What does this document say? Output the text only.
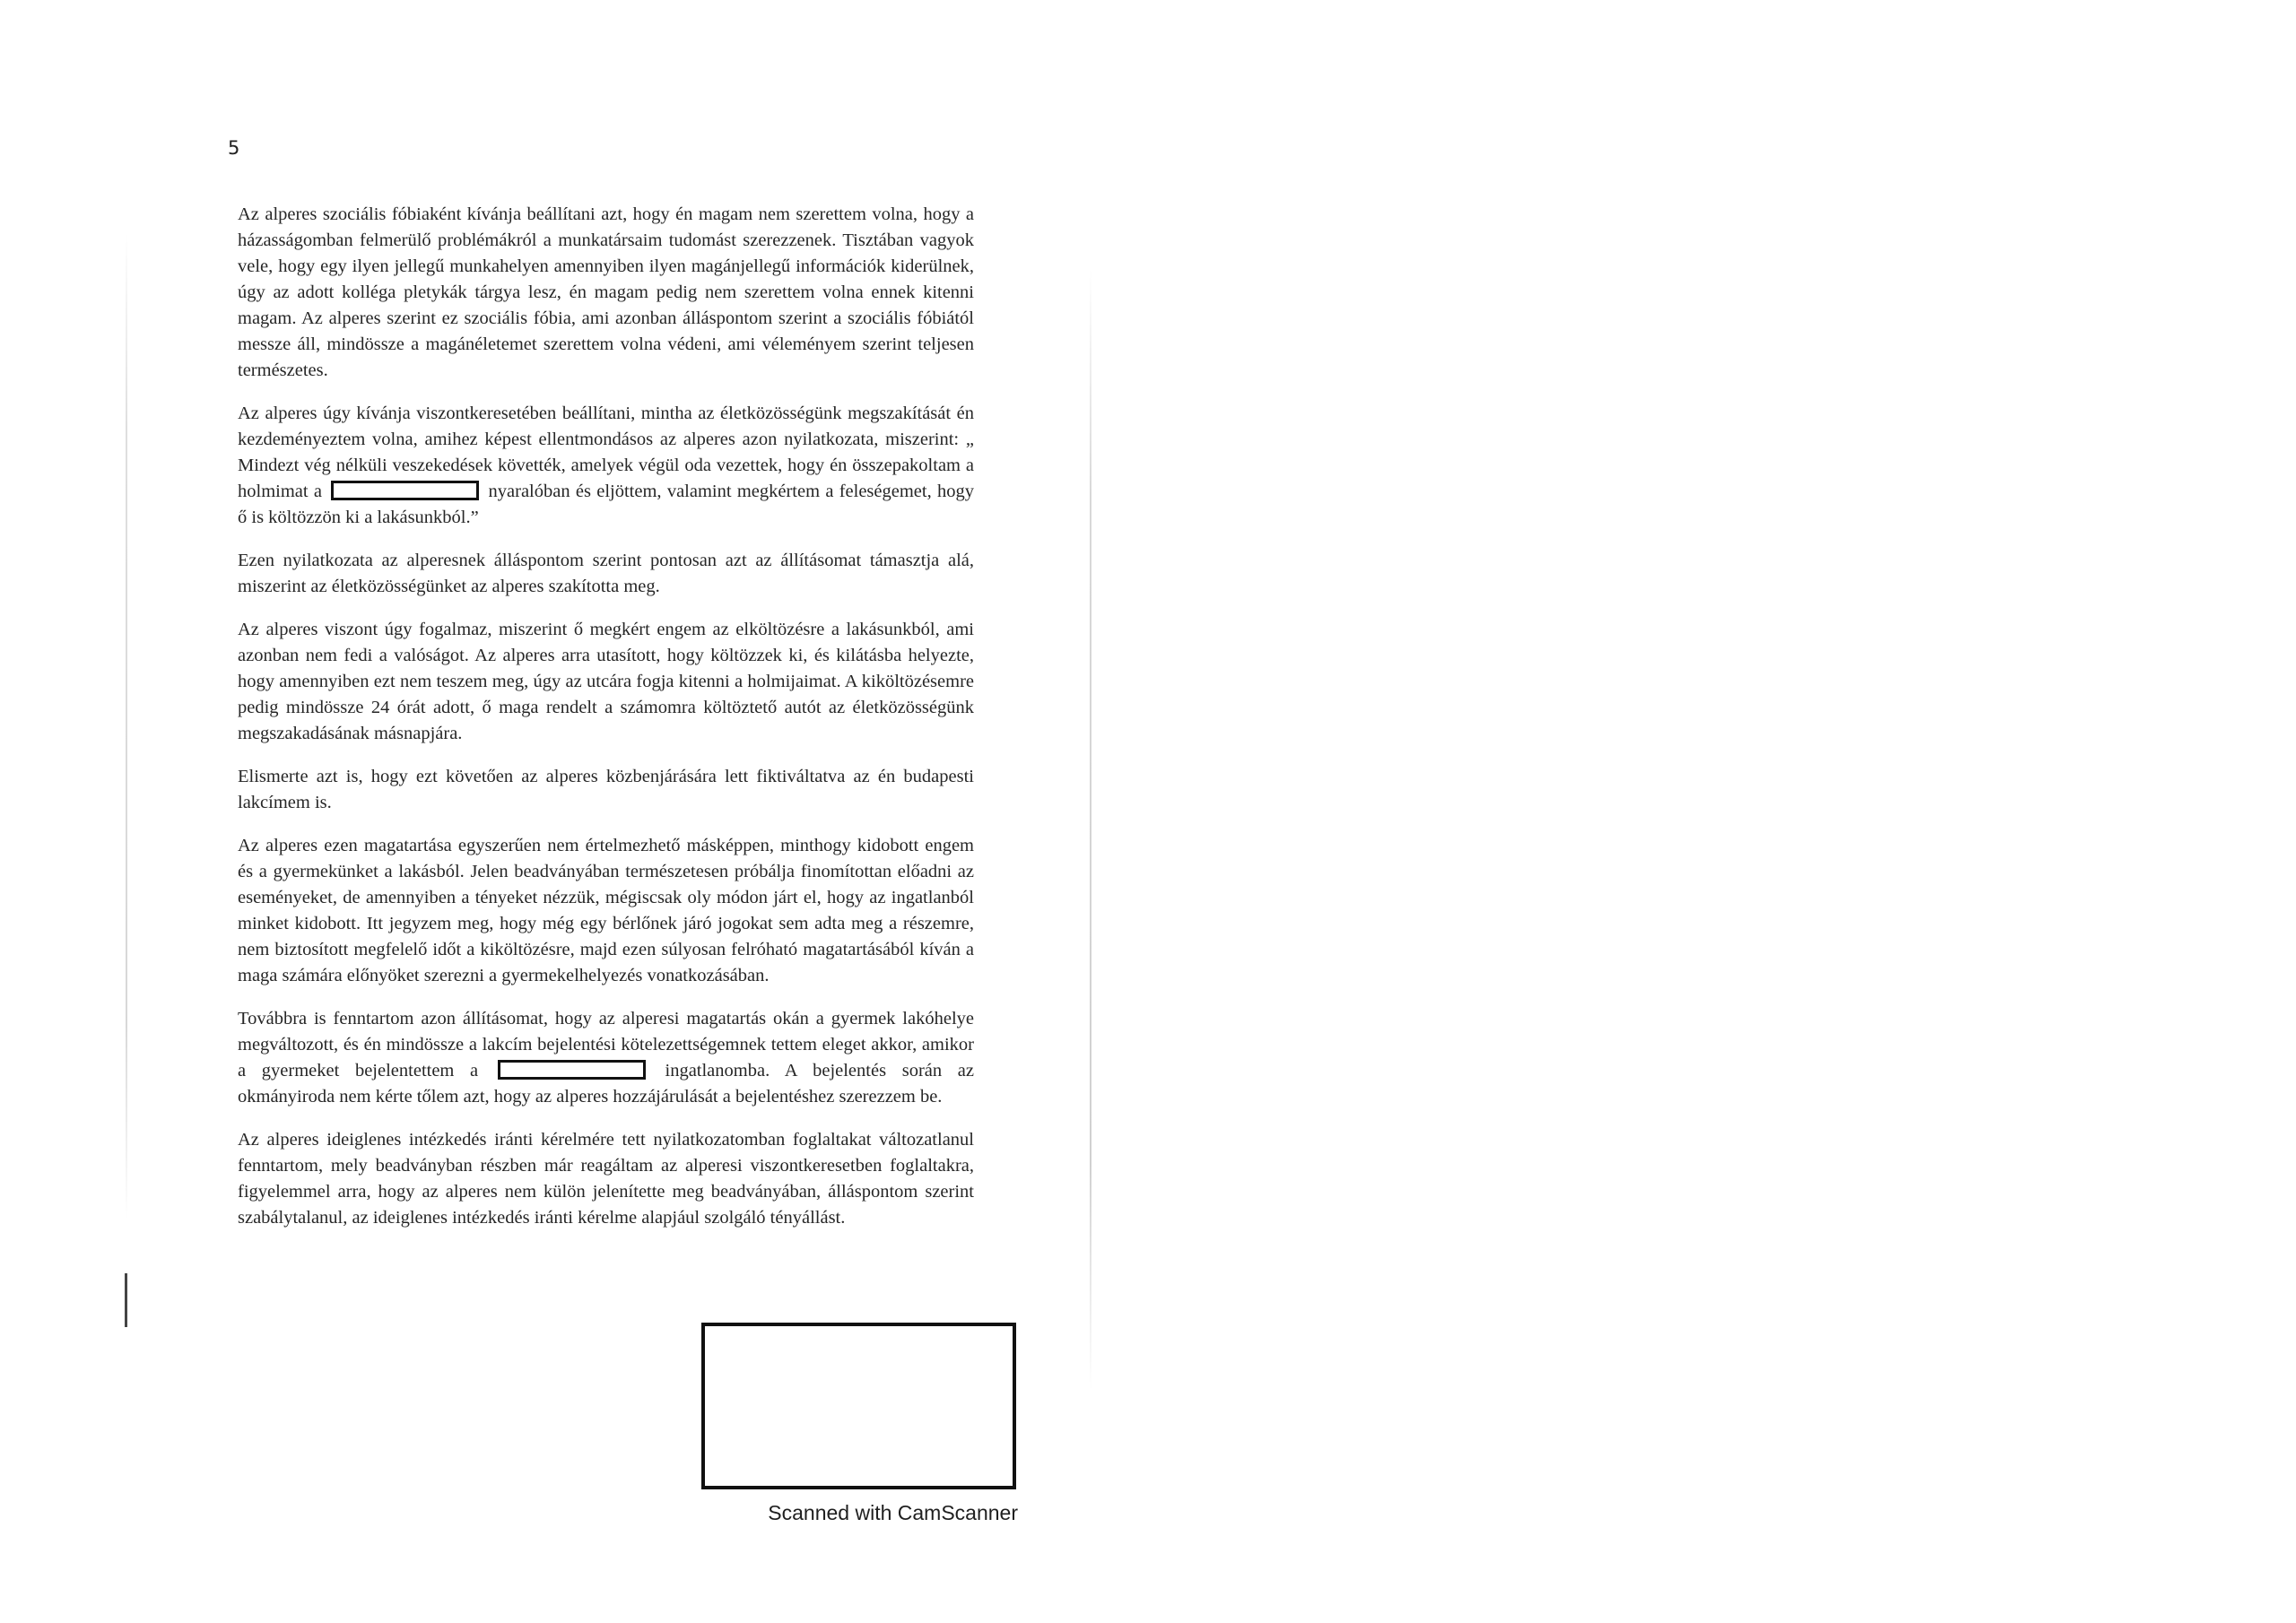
5

Az alperes szociális fóbiaként kívánja beállítani azt, hogy én magam nem szerettem volna, hogy a házasságomban felmerülő problémákról a munkatársaim tudomást szerezzenek. Tisztában vagyok vele, hogy egy ilyen jellegű munkahelyen amennyiben ilyen magánjellegű információk kiderülnek, úgy az adott kolléga pletykák tárgya lesz, én magam pedig nem szerettem volna ennek kitenni magam. Az alperes szerint ez szociális fóbia, ami azonban álláspontom szerint a szociális fóbiától messze áll, mindössze a magánéletemet szerettem volna védeni, ami véleményem szerint teljesen természetes.

Az alperes úgy kívánja viszontkeresetében beállítani, mintha az életközösségünk megszakítását én kezdeményeztem volna, amihez képest ellentmondásos az alperes azon nyilatkozata, miszerint: „ Mindezt vég nélküli veszekedések követték, amelyek végül oda vezettek, hogy én összepakoltam a holmimat a	nyaralóban és eljöttem, valamint megkértem a feleségemet, hogy ő is költözzön ki a lakásunkból.”

Ezen nyilatkozata az alperesnek álláspontom szerint pontosan azt az állításomat támasztja alá, miszerint az életközösségünket az alperes szakította meg.

Az alperes viszont úgy fogalmaz, miszerint ő megkért engem az elköltözésre a lakásunkból, ami azonban nem fedi a valóságot. Az alperes arra utasított, hogy költözzek ki, és kilátásba helyezte, hogy amennyiben ezt nem teszem meg, úgy az utcára fogja kitenni a holmijaimat. A kiköltözésemre pedig mindössze 24 órát adott, ő maga rendelt a számomra költöztető autót az életközösségünk megszakadásának másnapjára.

Elismerte azt is, hogy ezt követően az alperes közbenjárására lett fiktiváltatva az én budapesti lakcímem is.

Az alperes ezen magatartása egyszerűen nem értelmezhető másképpen, minthogy kidobott engem és a gyermekünket a lakásból. Jelen beadványában természetesen próbálja finomítottan előadni az eseményeket, de amennyiben a tényeket nézzük, mégiscsak oly módon járt el, hogy az ingatlanból minket kidobott. Itt jegyzem meg, hogy még egy bérlőnek járó jogokat sem adta meg a részemre, nem biztosított megfelelő időt a kiköltözésre, majd ezen súlyosan felróható magatartásából kíván a maga számára előnyöket szerezni a gyermekelhelyezés vonatkozásában.

Továbbra is fenntartom azon állításomat, hogy az alperesi magatartás okán a gyermek lakóhelye megváltozott, és én mindössze a lakcím bejelentési kötelezettségemnek tettem eleget akkor, amikor a gyermeket bejelentettem a	ingatlanomba. A bejelentés során az okmányiroda nem kérte tőlem azt, hogy az alperes hozzájárulását a bejelentéshez szerezzem be.

Az alperes ideiglenes intézkedés iránti kérelmére tett nyilatkozatomban foglaltakat változatlanul fenntartom, mely beadványban részben már reagáltam az alperesi viszontkeresetben foglaltakra, figyelemmel arra, hogy az alperes nem külön jelenítette meg beadványában, álláspontom szerint szabálytalanul, az ideiglenes intézkedés iránti kérelme alapjául szolgáló tényállást.

Scanned with CamScanner
